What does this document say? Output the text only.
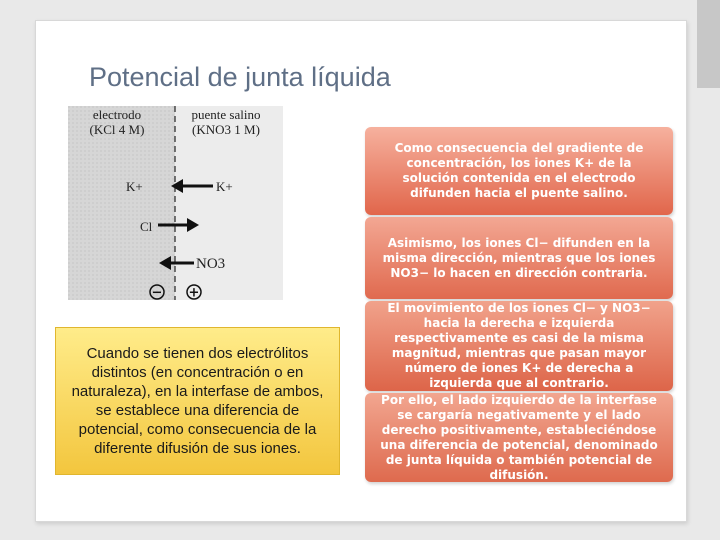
Potencial de junta líquida
electrodo
(KCl 4 M)
puente salino
(KNO3 1 M)
K+	K+
Cl
NO3
− +
Como consecuencia del gradiente de concentración, los iones K+ de la solución contenida en el electrodo difunden hacia el puente salino.
Asimismo, los iones Cl− difunden en la misma dirección, mientras que los iones NO3− lo hacen en dirección contraria.
El movimiento de los iones Cl− y NO3− hacia la derecha e izquierda respectivamente es casi de la misma magnitud, mientras que pasan mayor número de iones K+ de derecha a izquierda que al contrario.
Por ello, el lado izquierdo de la interfase se cargaría negativamente y el lado derecho positivamente, estableciéndose una diferencia de potencial, denominado de junta líquida o también potencial de difusión.
Cuando se tienen dos electrólitos distintos (en concentración o en naturaleza), en la interfase de ambos, se establece una diferencia de potencial, como consecuencia de la diferente difusión de sus iones.
